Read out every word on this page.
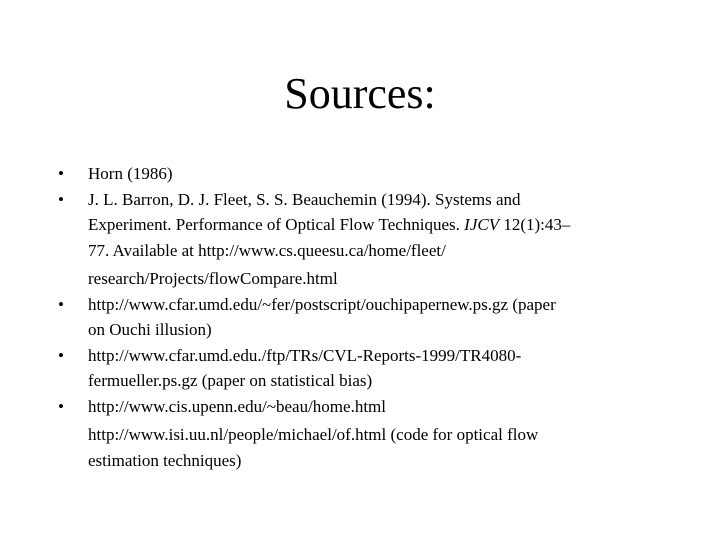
Sources:
•	Horn (1986)
•	J. L. Barron, D. J. Fleet, S. S. Beauchemin (1994). Systems and
Experiment. Performance of Optical Flow Techniques. IJCV 12(1):43–
77. Available at http://www.cs.queesu.ca/home/fleet/
research/Projects/flowCompare.html
•	http://www.cfar.umd.edu/~fer/postscript/ouchipapernew.ps.gz (paper
on Ouchi illusion)
•	http://www.cfar.umd.edu./ftp/TRs/CVL-Reports-1999/TR4080-
fermueller.ps.gz (paper on statistical bias)
•	http://www.cis.upenn.edu/~beau/home.html
http://www.isi.uu.nl/people/michael/of.html (code for optical flow
estimation techniques)
